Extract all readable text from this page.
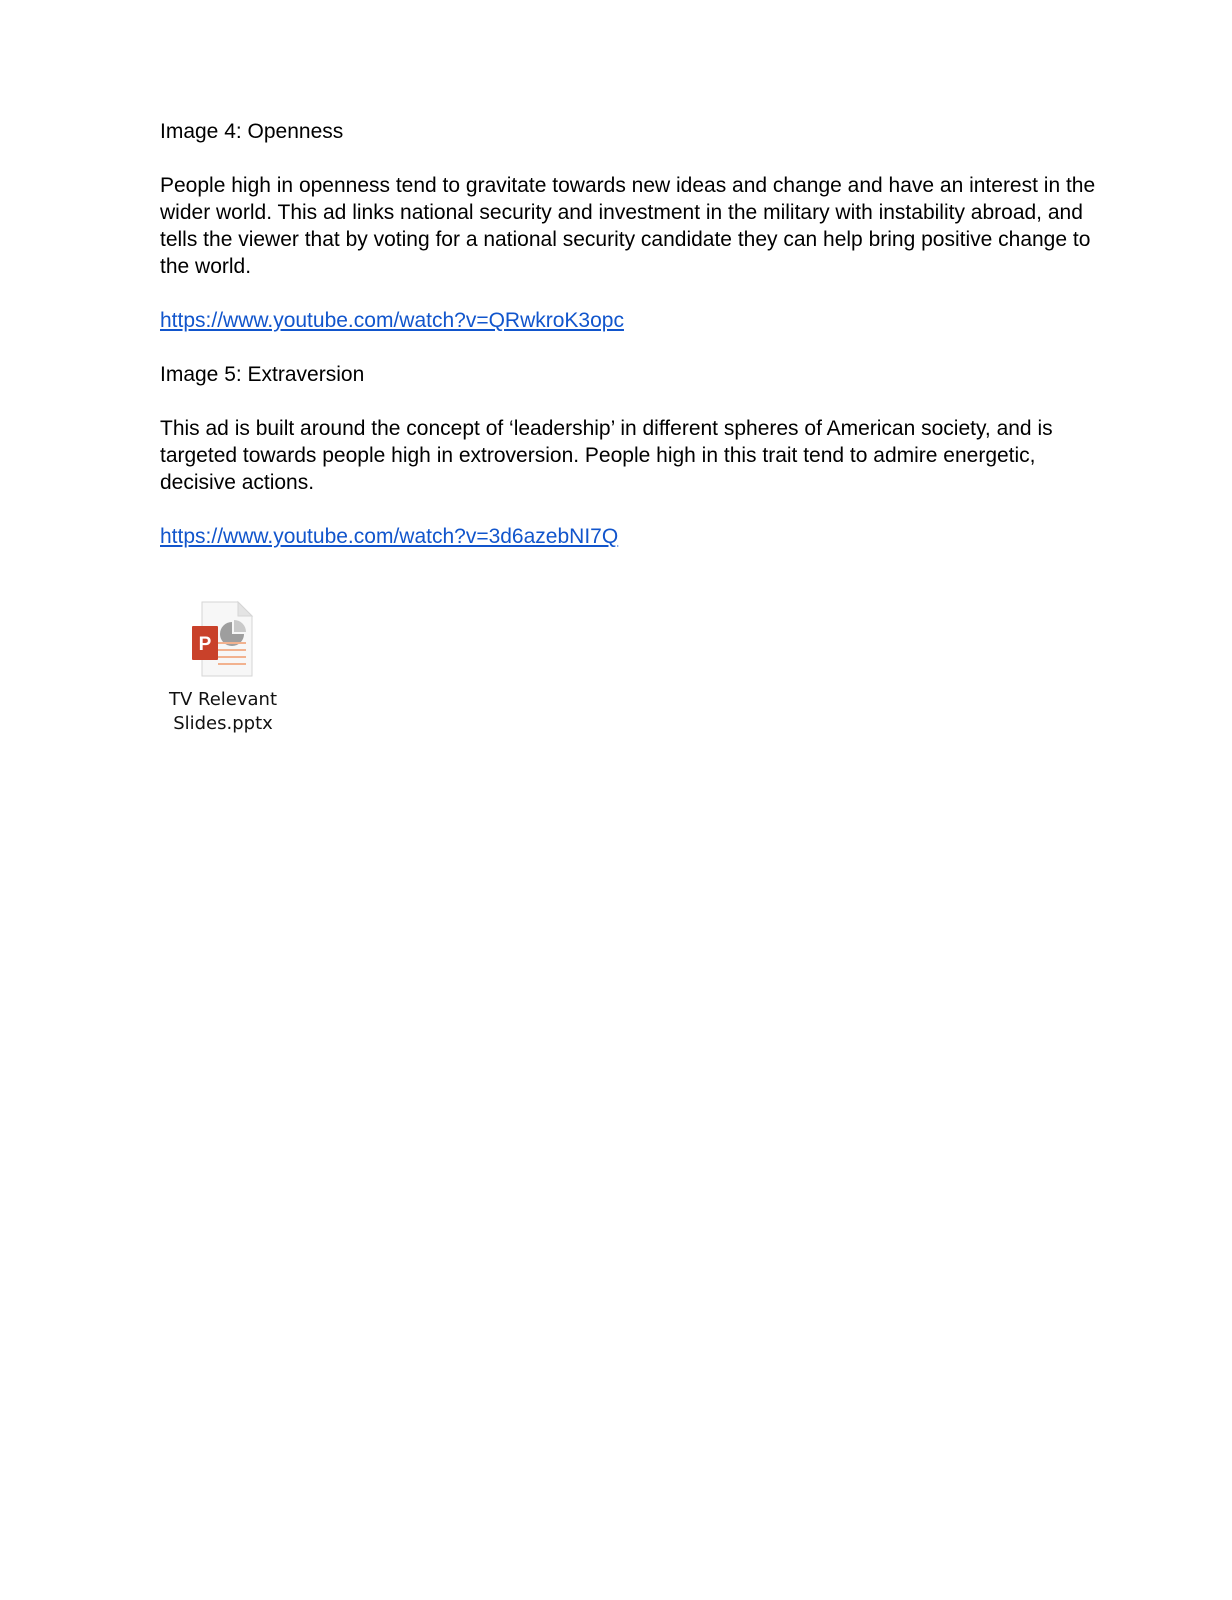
Image 4: Openness

People high in openness tend to gravitate towards new ideas and change and have an interest in the wider world. This ad links national security and investment in the military with instability abroad, and tells the viewer that by voting for a national security candidate they can help bring positive change to the world.

https://www.youtube.com/watch?v=QRwkroK3opc

Image 5: Extraversion

This ad is built around the concept of ‘leadership’ in different spheres of American society, and is targeted towards people high in extroversion. People high in this trait tend to admire energetic, decisive actions.

https://www.youtube.com/watch?v=3d6azebNI7Q

P
TV Relevant
Slides.pptx
